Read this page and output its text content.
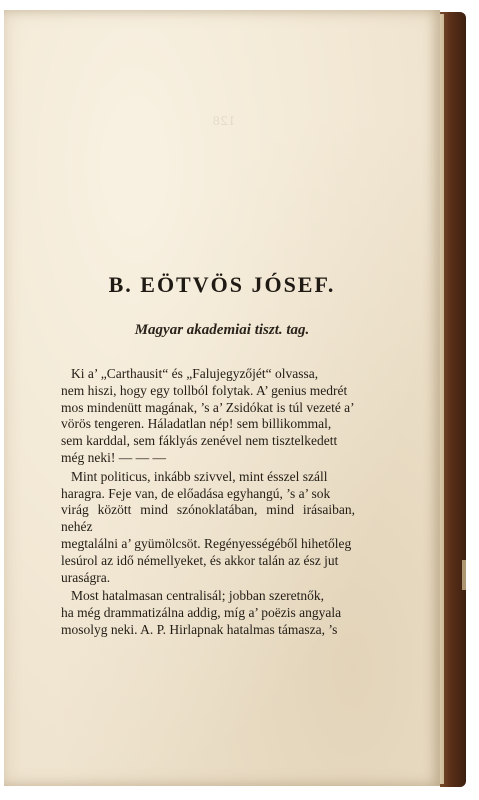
128
B. EÖTVÖS JÓSEF.
Magyar akademiai tiszt. tag.

Ki a’ „Carthausit“ és „Falujegyzőjét“ olvassa,
nem hiszi, hogy egy tollból folytak. A’ genius medrét
mos mindenütt magának, ’s a’ Zsidókat is túl vezeté a’
vörös tengeren. Háladatlan nép! sem billikommal,
sem karddal, sem fáklyás zenével nem tisztelkedett
még neki! — — —

Mint politicus, inkább szivvel, mint ésszel száll
haragra. Feje van, de előadása egyhangú, ’s a’ sok
virág között mind szónoklatában, mind irásaiban, nehéz
megtalálni a’ gyümölcsöt. Regényességéből hihetőleg
lesúrol az idő némellyeket, és akkor talán az ész jut
uraságra.

Most hatalmasan centralisál; jobban szeretnők,
ha még drammatizálna addig, míg a’ poëzis angyala
mosolyg neki. A. P. Hirlapnak hatalmas támasza, ’s
